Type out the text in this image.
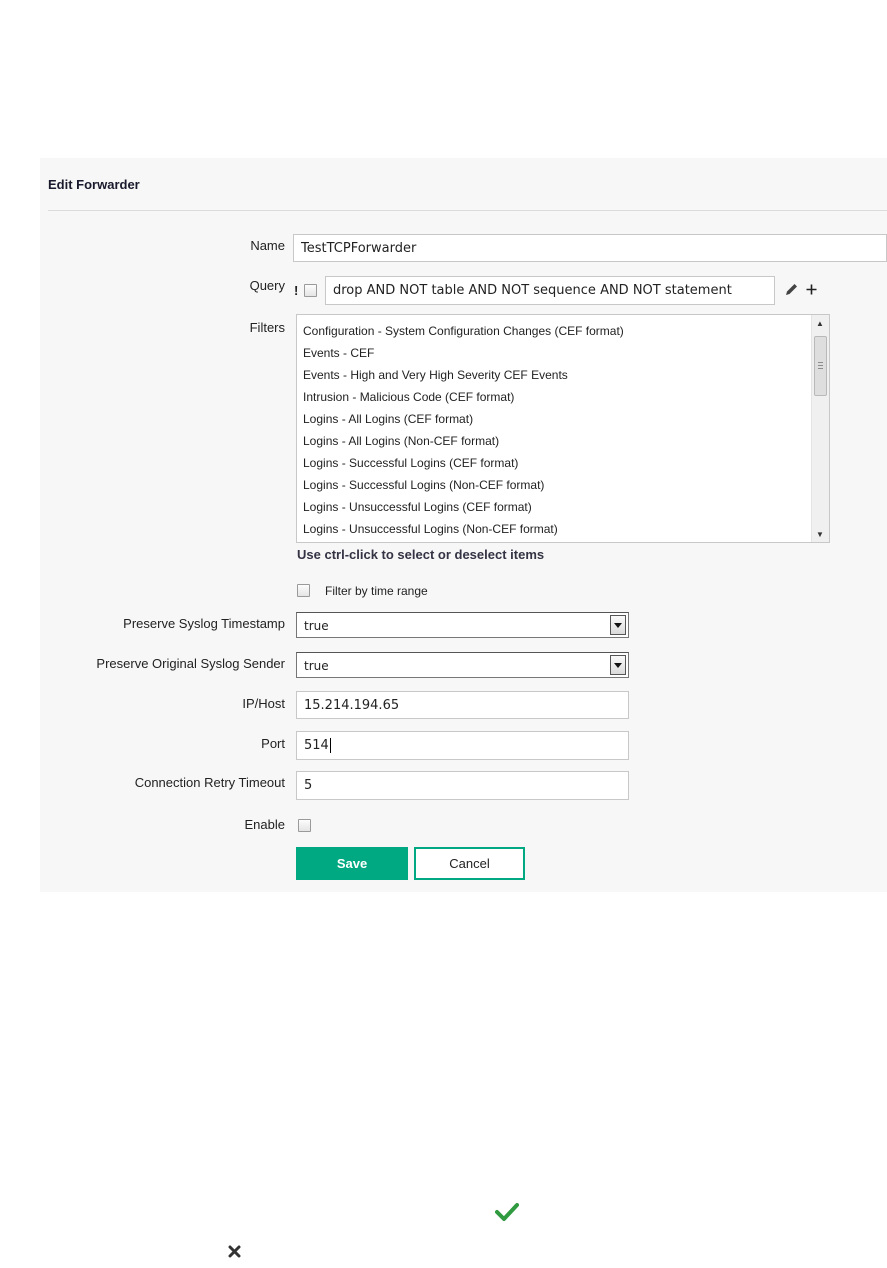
Edit Forwarder
Name TestTCPForwarder
Query !	drop AND NOT table AND NOT sequence AND NOT statement
Filters Configuration - System Configuration Changes (CEF format)
Events - CEF
Events - High and Very High Severity CEF Events
Intrusion - Malicious Code (CEF format)
Logins - All Logins (CEF format)
Logins - All Logins (Non-CEF format)
Logins - Successful Logins (CEF format)
Logins - Successful Logins (Non-CEF format)
Logins - Unsuccessful Logins (CEF format)
Logins - Unsuccessful Logins (Non-CEF format)
▲
▼
Use ctrl-click to select or deselect items
Filter by time range
Preserve Syslog Timestamp true
Preserve Original Syslog Sender true
IP/Host 15.214.194.65
Port 514
Connection Retry Timeout 5
Enable
Save	Cancel
